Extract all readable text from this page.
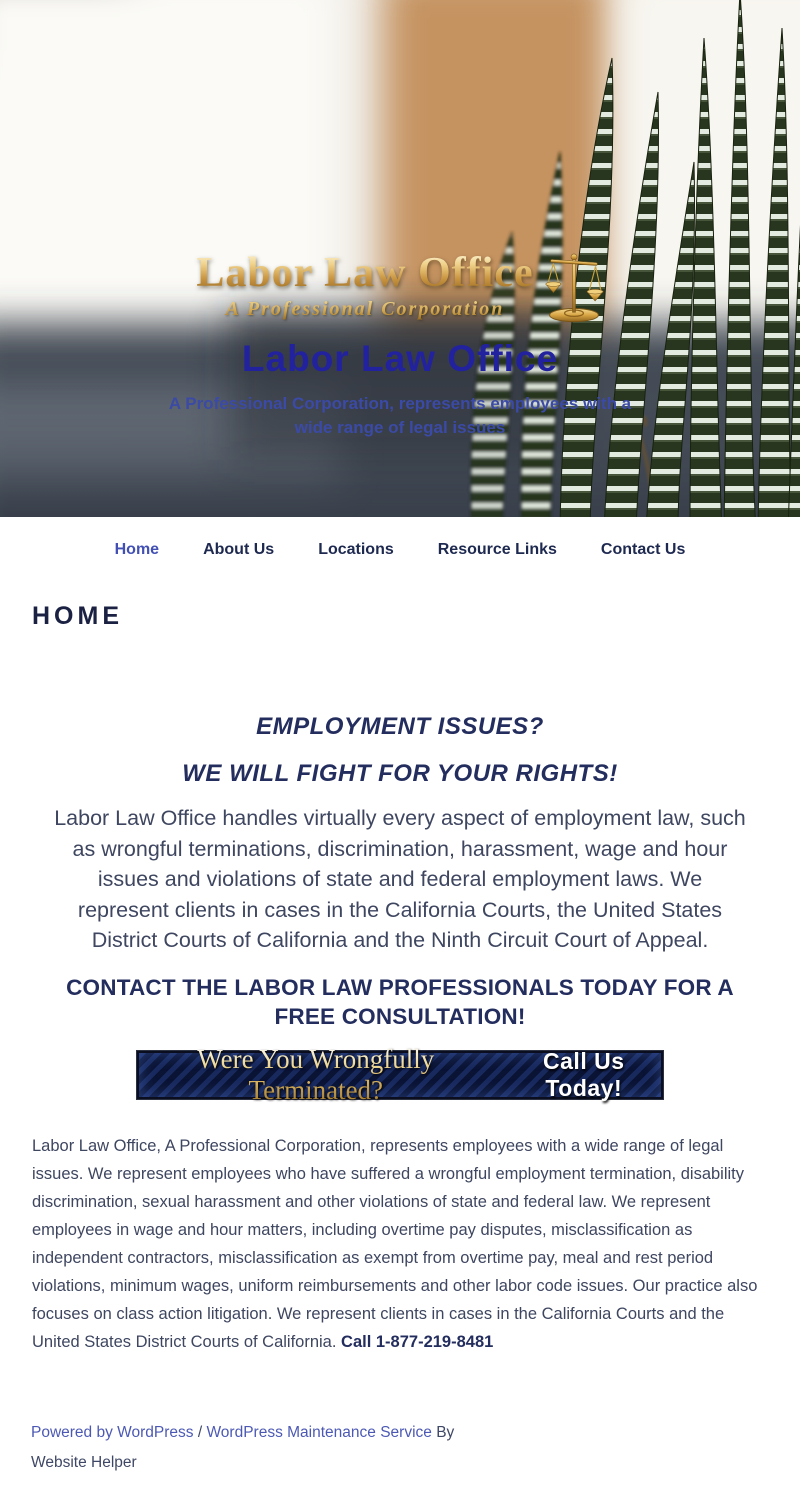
Labor Law Office
A Professional Corporation
Labor Law Office

A Professional Corporation, represents employees with a wide range of legal issues

Home	About Us	Locations	Resource Links	Contact Us
HOME
EMPLOYMENT ISSUES?
WE WILL FIGHT FOR YOUR RIGHTS!

Labor Law Office handles virtually every aspect of employment law, such as wrongful terminations, discrimination, harassment, wage and hour issues and violations of state and federal employment laws. We represent clients in cases in the California Courts, the United States District Courts of California and the Ninth Circuit Court of Appeal.

CONTACT THE LABOR LAW PROFESSIONALS TODAY FOR A FREE CONSULTATION!
Were You Wrongfully Terminated?
Call Us Today!

Labor Law Office, A Professional Corporation, represents employees with a wide range of legal issues. We represent employees who have suffered a wrongful employment termination, disability discrimination, sexual harassment and other violations of state and federal law. We represent employees in wage and hour matters, including overtime pay disputes, misclassification as independent contractors, misclassification as exempt from overtime pay, meal and rest period violations, minimum wages, uniform reimbursements and other labor code issues. Our practice also focuses on class action litigation. We represent clients in cases in the California Courts and the United States District Courts of California. Call 1-877-219-8481

Powered by WordPress / WordPress Maintenance Service By Website Helper
